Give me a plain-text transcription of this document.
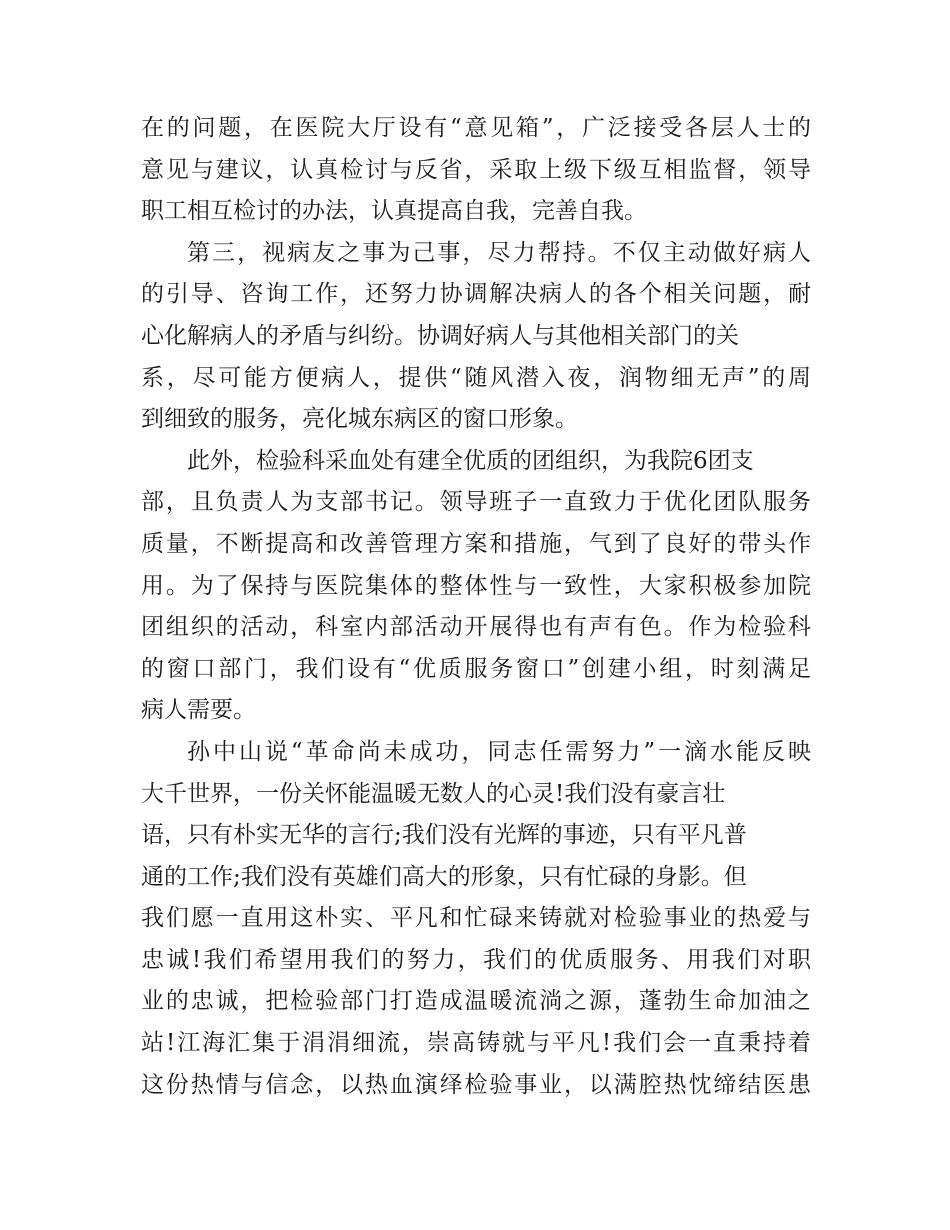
在的问题，在医院大厅设有“意见箱”，广泛接受各层人士的
意见与建议，认真检讨与反省，采取上级下级互相监督，领导
职工相互检讨的办法，认真提高自我，完善自我。
第三，视病友之事为己事，尽力帮持。不仅主动做好病人
的引导、咨询工作，还努力协调解决病人的各个相关问题，耐
心化解病人的矛盾与纠纷。协调好病人与其他相关部门的关
系，尽可能方便病人，提供“随风潜入夜，润物细无声”的周
到细致的服务，亮化城东病区的窗口形象。
此外，检验科采血处有建全优质的团组织，为我院6团支
部，且负责人为支部书记。领导班子一直致力于优化团队服务
质量，不断提高和改善管理方案和措施，气到了良好的带头作
用。为了保持与医院集体的整体性与一致性，大家积极参加院
团组织的活动，科室内部活动开展得也有声有色。作为检验科
的窗口部门，我们设有“优质服务窗口”创建小组，时刻满足
病人需要。
孙中山说“革命尚未成功，同志任需努力”一滴水能反映
大千世界，一份关怀能温暖无数人的心灵!我们没有豪言壮
语，只有朴实无华的言行;我们没有光辉的事迹，只有平凡普
通的工作;我们没有英雄们高大的形象，只有忙碌的身影。但
我们愿一直用这朴实、平凡和忙碌来铸就对检验事业的热爱与
忠诚!我们希望用我们的努力，我们的优质服务、用我们对职
业的忠诚，把检验部门打造成温暖流淌之源，蓬勃生命加油之
站!江海汇集于涓涓细流，崇高铸就与平凡!我们会一直秉持着
这份热情与信念，以热血演绎检验事业，以满腔热忱缔结医患
